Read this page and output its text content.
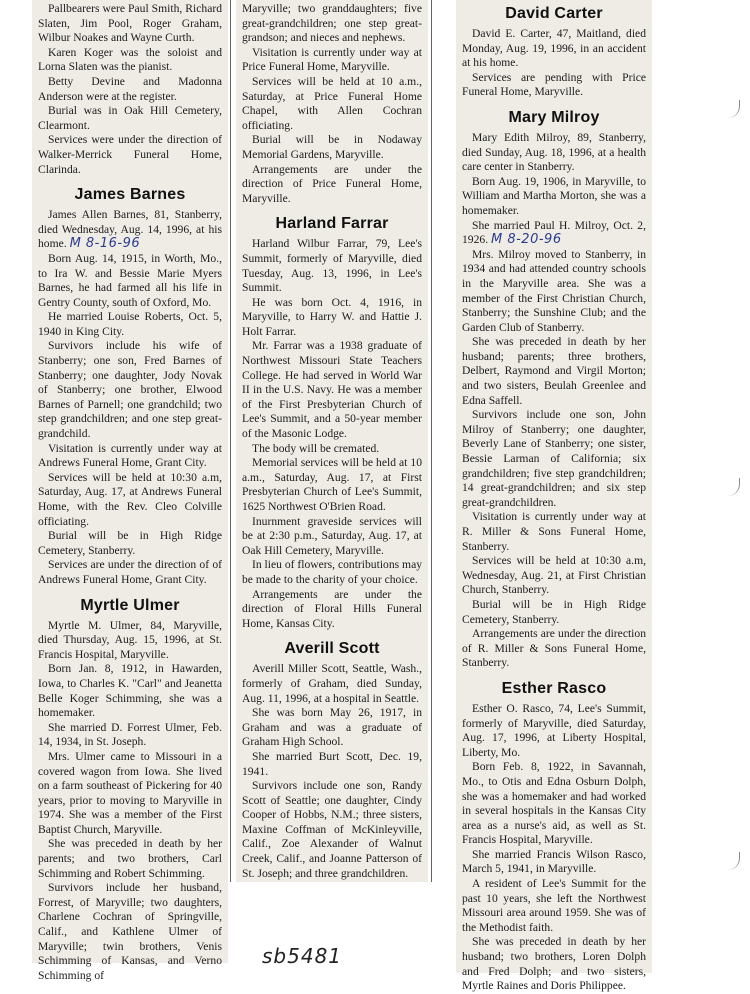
Pallbearers were Paul Smith, Richard Slaten, Jim Pool, Roger Graham, Wilbur Noakes and Wayne Curth.

Karen Koger was the soloist and Lorna Slaten was the pianist.

Betty Devine and Madonna Anderson were at the register.

Burial was in Oak Hill Cemetery, Clearmont.

Services were under the direction of Walker-Merrick Funeral Home, Clarinda.

James Barnes

James Allen Barnes, 81, Stanberry, died Wednesday, Aug. 14, 1996, at his home. M 8-16-96

Born Aug. 14, 1915, in Worth, Mo., to Ira W. and Bessie Marie Myers Barnes, he had farmed all his life in Gentry County, south of Oxford, Mo.

He married Louise Roberts, Oct. 5, 1940 in King City.

Survivors include his wife of Stanberry; one son, Fred Barnes of Stanberry; one daughter, Jody Novak of Stanberry; one brother, Elwood Barnes of Parnell; one grandchild; two step grandchildren; and one step great-grandchild.

Visitation is currently under way at Andrews Funeral Home, Grant City.

Services will be held at 10:30 a.m, Saturday, Aug. 17, at Andrews Funeral Home, with the Rev. Cleo Colville officiating.

Burial will be in High Ridge Cemetery, Stanberry.

Services are under the direction of of Andrews Funeral Home, Grant City.

Myrtle Ulmer

Myrtle M. Ulmer, 84, Maryville, died Thursday, Aug. 15, 1996, at St. Francis Hospital, Maryville.

Born Jan. 8, 1912, in Hawarden, Iowa, to Charles K. "Carl" and Jeanetta Belle Koger Schimming, she was a homemaker.

She married D. Forrest Ulmer, Feb. 14, 1934, in St. Joseph.

Mrs. Ulmer came to Missouri in a covered wagon from Iowa. She lived on a farm southeast of Pickering for 40 years, prior to moving to Maryville in 1974. She was a member of the First Baptist Church, Maryville.

She was preceded in death by her parents; and two brothers, Carl Schimming and Robert Schimming.

Survivors include her husband, Forrest, of Maryville; two daughters, Charlene Cochran of Springville, Calif., and Kathlene Ulmer of Maryville; twin brothers, Venis Schimming of Kansas, and Verno Schimming of

Maryville; two granddaughters; five great-grandchildren; one step great-grandson; and nieces and nephews.

Visitation is currently under way at Price Funeral Home, Maryville.

Services will be held at 10 a.m., Saturday, at Price Funeral Home Chapel, with Allen Cochran officiating.

Burial will be in Nodaway Memorial Gardens, Maryville.

Arrangements are under the direction of Price Funeral Home, Maryville.

Harland Farrar

Harland Wilbur Farrar, 79, Lee's Summit, formerly of Maryville, died Tuesday, Aug. 13, 1996, in Lee's Summit.

He was born Oct. 4, 1916, in Maryville, to Harry W. and Hattie J. Holt Farrar.

Mr. Farrar was a 1938 graduate of Northwest Missouri State Teachers College. He had served in World War II in the U.S. Navy. He was a member of the First Presbyterian Church of Lee's Summit, and a 50-year member of the Masonic Lodge.

The body will be cremated.

Memorial services will be held at 10 a.m., Saturday, Aug. 17, at First Presbyterian Church of Lee's Summit, 1625 Northwest O'Brien Road.

Inurnment graveside services will be at 2:30 p.m., Saturday, Aug. 17, at Oak Hill Cemetery, Maryville.

In lieu of flowers, contributions may be made to the charity of your choice.

Arrangements are under the direction of Floral Hills Funeral Home, Kansas City.

Averill Scott

Averill Miller Scott, Seattle, Wash., formerly of Graham, died Sunday, Aug. 11, 1996, at a hospital in Seattle.

She was born May 26, 1917, in Graham and was a graduate of Graham High School.

She married Burt Scott, Dec. 19, 1941.

Survivors include one son, Randy Scott of Seattle; one daughter, Cindy Cooper of Hobbs, N.M.; three sisters, Maxine Coffman of McKinleyville, Calif., Zoe Alexander of Walnut Creek, Calif., and Joanne Patterson of St. Joseph; and three grandchildren.

David Carter

David E. Carter, 47, Maitland, died Monday, Aug. 19, 1996, in an accident at his home.

Services are pending with Price Funeral Home, Maryville.

Mary Milroy

Mary Edith Milroy, 89, Stanberry, died Sunday, Aug. 18, 1996, at a health care center in Stanberry.

Born Aug. 19, 1906, in Maryville, to William and Martha Morton, she was a homemaker.

She married Paul H. Milroy, Oct. 2, 1926. M 8-20-96

Mrs. Milroy moved to Stanberry, in 1934 and had attended country schools in the Maryville area. She was a member of the First Christian Church, Stanberry; the Sunshine Club; and the Garden Club of Stanberry.

She was preceded in death by her husband; parents; three brothers, Delbert, Raymond and Virgil Morton; and two sisters, Beulah Greenlee and Edna Saffell.

Survivors include one son, John Milroy of Stanberry; one daughter, Beverly Lane of Stanberry; one sister, Bessie Larman of California; six grandchildren; five step grandchildren; 14 great-grandchildren; and six step great-grandchildren.

Visitation is currently under way at R. Miller & Sons Funeral Home, Stanberry.

Services will be held at 10:30 a.m, Wednesday, Aug. 21, at First Christian Church, Stanberry.

Burial will be in High Ridge Cemetery, Stanberry.

Arrangements are under the direction of R. Miller & Sons Funeral Home, Stanberry.

Esther Rasco

Esther O. Rasco, 74, Lee's Summit, formerly of Maryville, died Saturday, Aug. 17, 1996, at Liberty Hospital, Liberty, Mo.

Born Feb. 8, 1922, in Savannah, Mo., to Otis and Edna Osburn Dolph, she was a homemaker and had worked in several hospitals in the Kansas City area as a nurse's aid, as well as St. Francis Hospital, Maryville.

She married Francis Wilson Rasco, March 5, 1941, in Maryville.

A resident of Lee's Summit for the past 10 years, she left the Northwest Missouri area around 1959. She was of the Methodist faith.

She was preceded in death by her husband; two brothers, Loren Dolph and Fred Dolph; and two sisters, Myrtle Raines and Doris Philippee.

sb5481
